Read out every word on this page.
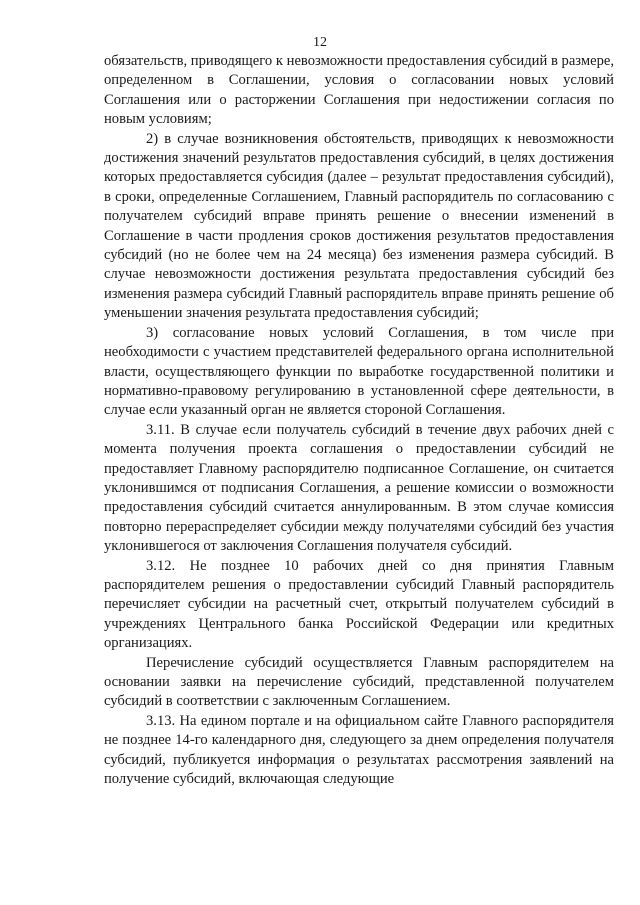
12

обязательств, приводящего к невозможности предоставления субсидий в размере, определенном в Соглашении, условия о согласовании новых условий Соглашения или о расторжении Соглашения при недостижении согласия по новым условиям;

2) в случае возникновения обстоятельств, приводящих к невозможности достижения значений результатов предоставления субсидий, в целях достижения которых предоставляется субсидия (далее – результат предоставления субсидий), в сроки, определенные Соглашением, Главный распорядитель по согласованию с получателем субсидий вправе принять решение о внесении изменений в Соглашение в части продления сроков достижения результатов предоставления субсидий (но не более чем на 24 месяца) без изменения размера субсидий. В случае невозможности достижения результата предоставления субсидий без изменения размера субсидий Главный распорядитель вправе принять решение об уменьшении значения результата предоставления субсидий;

3) согласование новых условий Соглашения, в том числе при необходимости с участием представителей федерального органа исполнительной власти, осуществляющего функции по выработке государственной политики и нормативно-правовому регулированию в установленной сфере деятельности, в случае если указанный орган не является стороной Соглашения.

3.11. В случае если получатель субсидий в течение двух рабочих дней с момента получения проекта соглашения о предоставлении субсидий не предоставляет Главному распорядителю подписанное Соглашение, он считается уклонившимся от подписания Соглашения, а решение комиссии о возможности предоставления субсидий считается аннулированным. В этом случае комиссия повторно перераспределяет субсидии между получателями субсидий без участия уклонившегося от заключения Соглашения получателя субсидий.

3.12. Не позднее 10 рабочих дней со дня принятия Главным распорядителем решения о предоставлении субсидий Главный распорядитель перечисляет субсидии на расчетный счет, открытый получателем субсидий в учреждениях Центрального банка Российской Федерации или кредитных организациях.

Перечисление субсидий осуществляется Главным распорядителем на основании заявки на перечисление субсидий, представленной получателем субсидий в соответствии с заключенным Соглашением.

3.13. На едином портале и на официальном сайте Главного распорядителя не позднее 14-го календарного дня, следующего за днем определения получателя субсидий, публикуется информация о результатах рассмотрения заявлений на получение субсидий, включающая следующие
